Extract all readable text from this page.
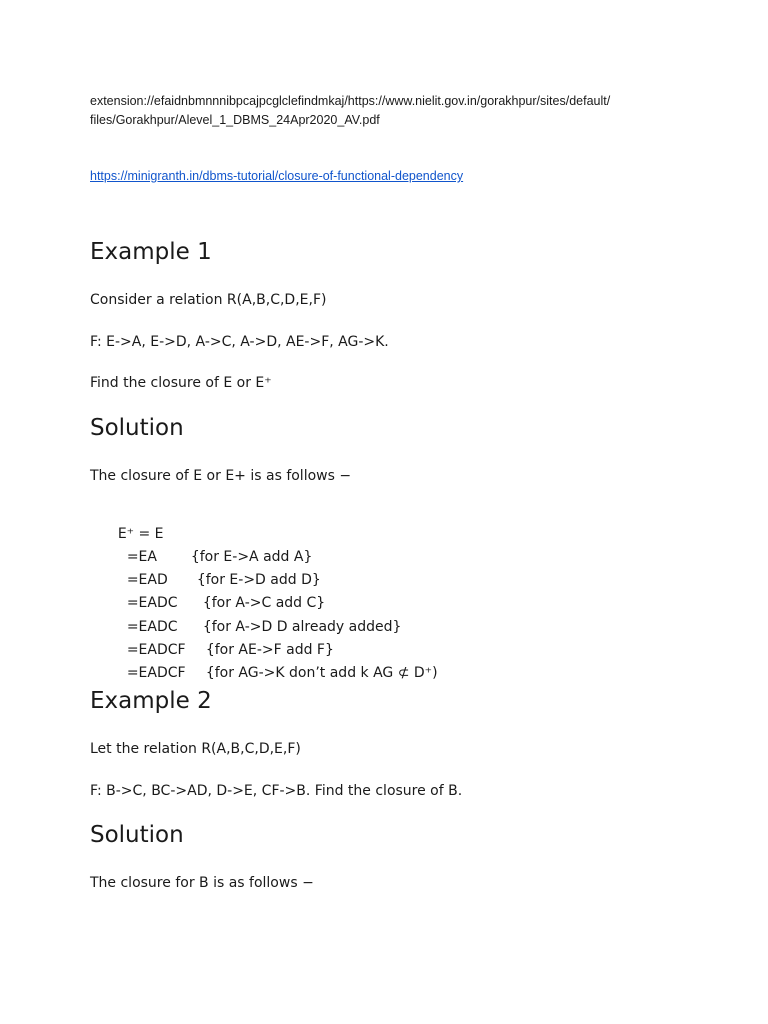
extension://efaidnbmnnnibpcajpcglclefindmkaj/https://www.nielit.gov.in/gorakhpur/sites/default/
files/Gorakhpur/Alevel_1_DBMS_24Apr2020_AV.pdf
https://minigranth.in/dbms-tutorial/closure-of-functional-dependency
Example 1

Consider a relation R(A,B,C,D,E,F)

F: E->A, E->D, A->C, A->D, AE->F, AG->K.

Find the closure of E or E⁺

Solution

The closure of E or E+ is as follows −

E⁺ = E

=EA
	{for E->A add A}

=EAD
	{for E->D add D}

=EADC
	{for A->C add C}

=EADC
	{for A->D D already added}

=EADCF
	{for AE->F add F}

=EADCF
	{for AG->K don’t add k AG ⊄ D⁺)

Example 2

Let the relation R(A,B,C,D,E,F)

F: B->C, BC->AD, D->E, CF->B. Find the closure of B.

Solution

The closure for B is as follows −
